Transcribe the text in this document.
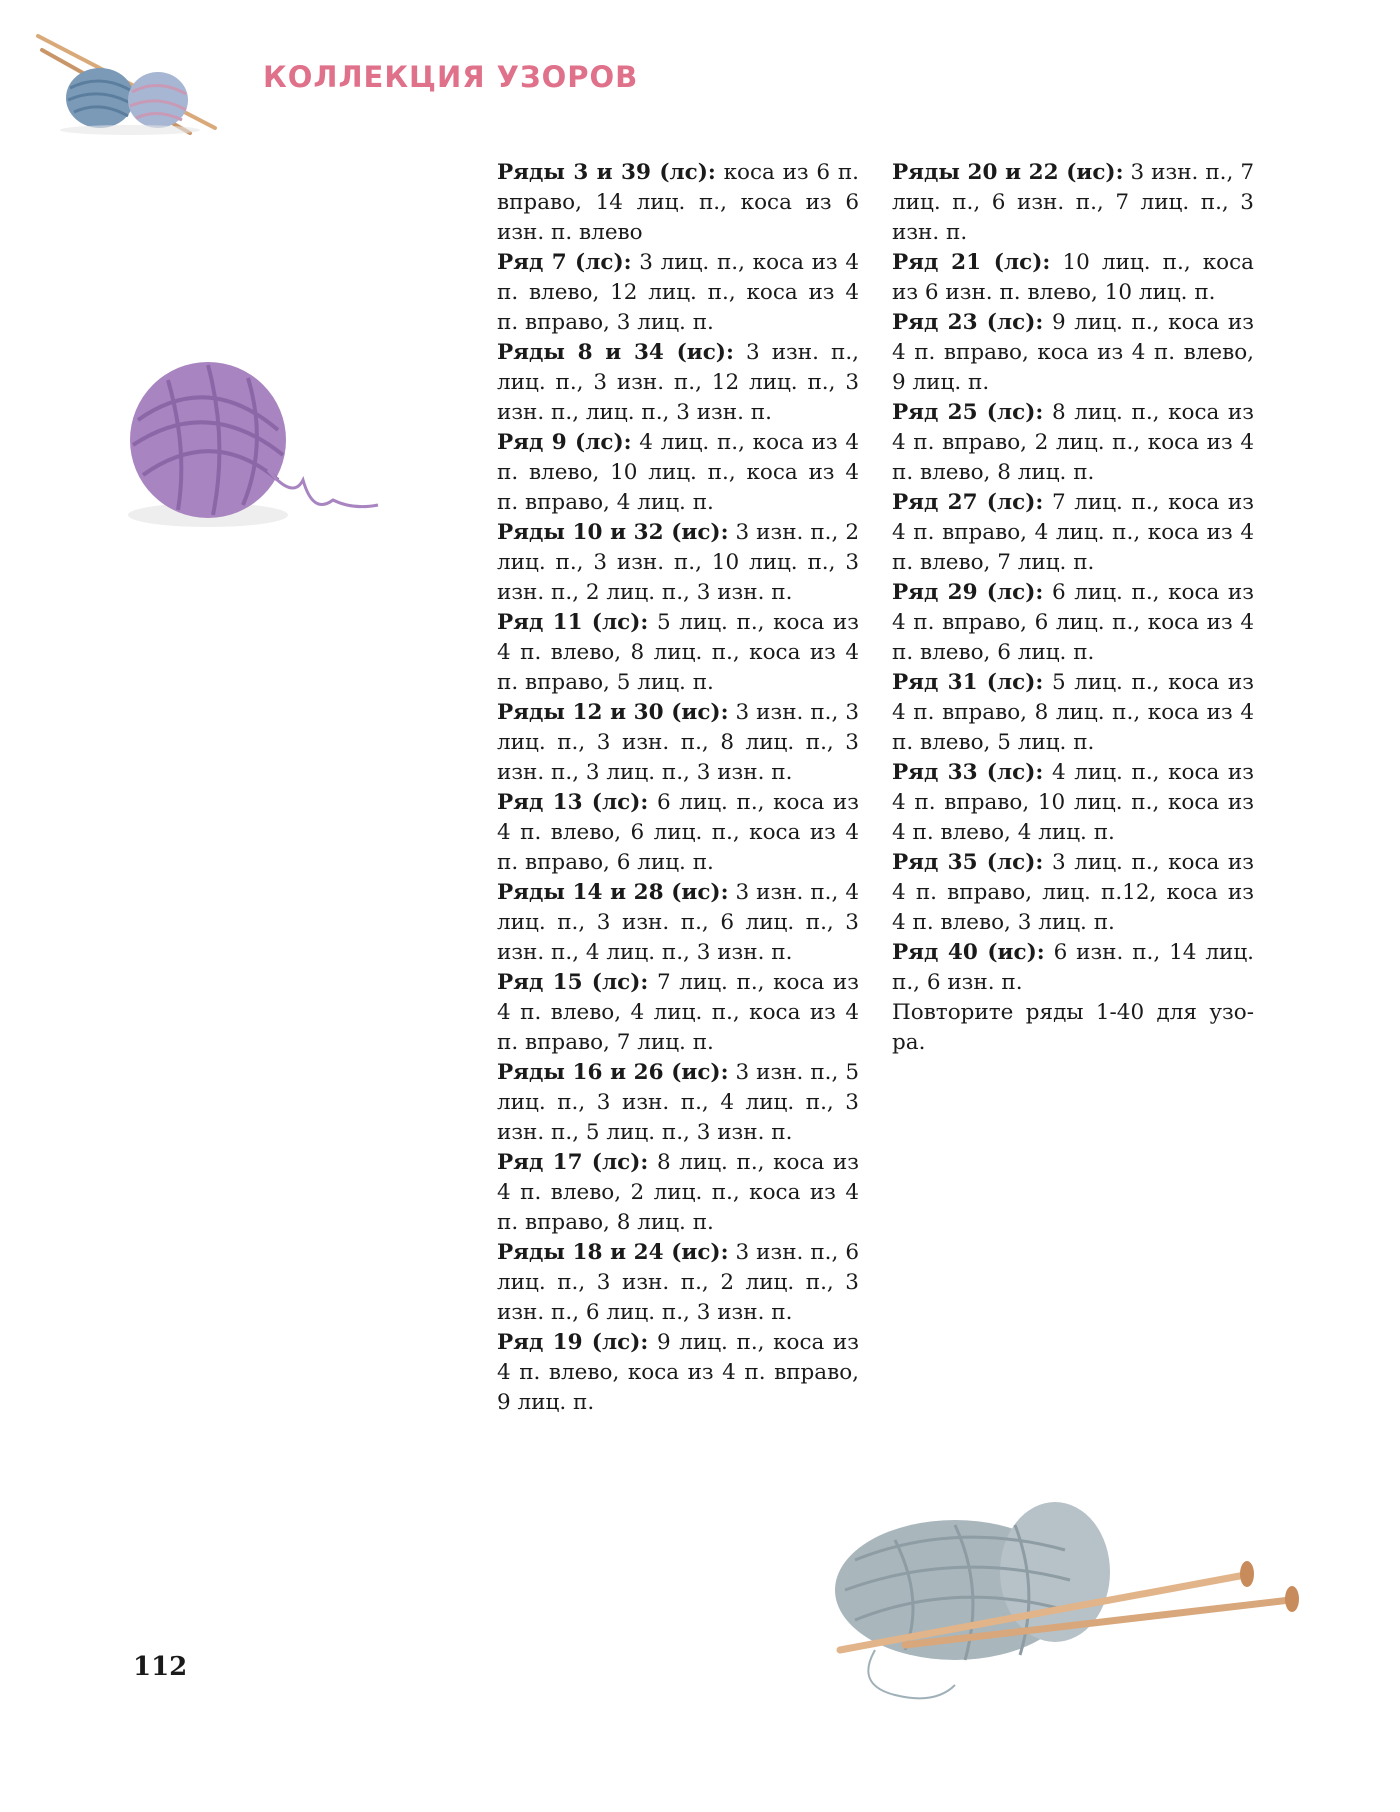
КОЛЛЕКЦИЯ УЗОРОВ
Ряды 3 и 39 (лс): коса из 6 п. вправо, 14 лиц. п., коса из 6 изн. п. влево
Ряд 7 (лс): 3 лиц. п., коса из 4 п. влево, 12 лиц. п., коса из 4 п. вправо, 3 лиц. п.
Ряды 8 и 34 (ис): 3 изн. п., лиц. п., 3 изн. п., 12 лиц. п., 3 изн. п., лиц. п., 3 изн. п.
Ряд 9 (лс): 4 лиц. п., коса из 4 п. влево, 10 лиц. п., коса из 4 п. вправо, 4 лиц. п.
Ряды 10 и 32 (ис): 3 изн. п., 2 лиц. п., 3 изн. п., 10 лиц. п., 3 изн. п., 2 лиц. п., 3 изн. п.
Ряд 11 (лс): 5 лиц. п., коса из 4 п. влево, 8 лиц. п., коса из 4 п. вправо, 5 лиц. п.
Ряды 12 и 30 (ис): 3 изн. п., 3 лиц. п., 3 изн. п., 8 лиц. п., 3 изн. п., 3 лиц. п., 3 изн. п.
Ряд 13 (лс): 6 лиц. п., коса из 4 п. влево, 6 лиц. п., коса из 4 п. вправо, 6 лиц. п.
Ряды 14 и 28 (ис): 3 изн. п., 4 лиц. п., 3 изн. п., 6 лиц. п., 3 изн. п., 4 лиц. п., 3 изн. п.
Ряд 15 (лс): 7 лиц. п., коса из 4 п. влево, 4 лиц. п., коса из 4 п. вправо, 7 лиц. п.
Ряды 16 и 26 (ис): 3 изн. п., 5 лиц. п., 3 изн. п., 4 лиц. п., 3 изн. п., 5 лиц. п., 3 изн. п.
Ряд 17 (лс): 8 лиц. п., коса из 4 п. влево, 2 лиц. п., коса из 4 п. вправо, 8 лиц. п.
Ряды 18 и 24 (ис): 3 изн. п., 6 лиц. п., 3 изн. п., 2 лиц. п., 3 изн. п., 6 лиц. п., 3 изн. п.
Ряд 19 (лс): 9 лиц. п., коса из 4 п. влево, коса из 4 п. вправо, 9 лиц. п.
Ряды 20 и 22 (ис): 3 изн. п., 7 лиц. п., 6 изн. п., 7 лиц. п., 3 изн. п.
Ряд 21 (лс): 10 лиц. п., коса из 6 изн. п. влево, 10 лиц. п.
Ряд 23 (лс): 9 лиц. п., коса из 4 п. вправо, коса из 4 п. влево, 9 лиц. п.
Ряд 25 (лс): 8 лиц. п., коса из 4 п. вправо, 2 лиц. п., коса из 4 п. влево, 8 лиц. п.
Ряд 27 (лс): 7 лиц. п., коса из 4 п. вправо, 4 лиц. п., коса из 4 п. влево, 7 лиц. п.
Ряд 29 (лс): 6 лиц. п., коса из 4 п. вправо, 6 лиц. п., коса из 4 п. влево, 6 лиц. п.
Ряд 31 (лс): 5 лиц. п., коса из 4 п. вправо, 8 лиц. п., коса из 4 п. влево, 5 лиц. п.
Ряд 33 (лс): 4 лиц. п., коса из 4 п. вправо, 10 лиц. п., коса из 4 п. влево, 4 лиц. п.
Ряд 35 (лс): 3 лиц. п., коса из 4 п. вправо, лиц. п.12, коса из 4 п. влево, 3 лиц. п.
Ряд 40 (ис): 6 изн. п., 14 лиц. п., 6 изн. п.
Повторите ряды 1-40 для узора.
112
